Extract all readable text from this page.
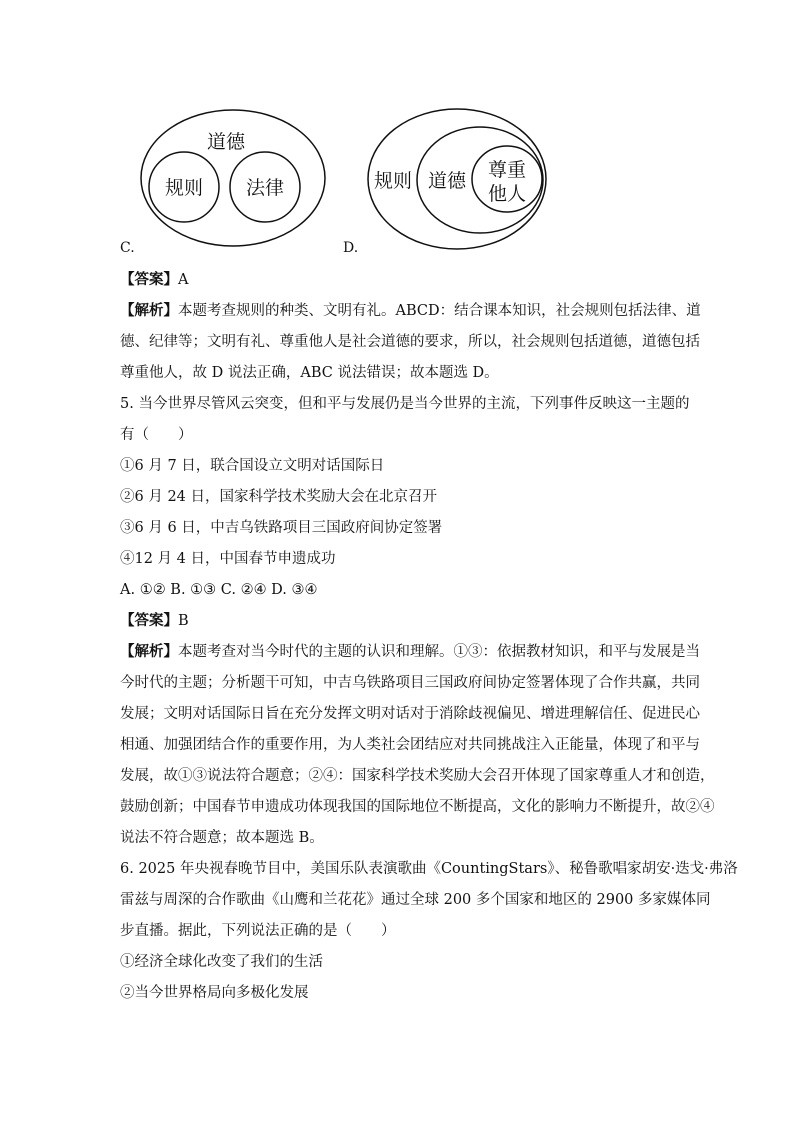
道德
规则 法律
C.
规则 道德 尊重
他人
D.
【答案】A
【解析】本题考查规则的种类、文明有礼。ABCD：结合课本知识，社会规则包括法律、道
德、纪律等；文明有礼、尊重他人是社会道德的要求，所以，社会规则包括道德，道德包括
尊重他人，故 D 说法正确，ABC 说法错误；故本题选 D。
5. 当今世界尽管风云突变，但和平与发展仍是当今世界的主流，下列事件反映这一主题的
有（　　）
①6 月 7 日，联合国设立文明对话国际日
②6 月 24 日，国家科学技术奖励大会在北京召开
③6 月 6 日，中吉乌铁路项目三国政府间协定签署
④12 月 4 日，中国春节申遗成功
A. ①② B. ①③ C. ②④ D. ③④
【答案】B
【解析】本题考查对当今时代的主题的认识和理解。①③：依据教材知识，和平与发展是当
今时代的主题；分析题干可知，中吉乌铁路项目三国政府间协定签署体现了合作共赢，共同
发展；文明对话国际日旨在充分发挥文明对话对于消除歧视偏见、增进理解信任、促进民心
相通、加强团结合作的重要作用，为人类社会团结应对共同挑战注入正能量，体现了和平与
发展，故①③说法符合题意；②④：国家科学技术奖励大会召开体现了国家尊重人才和创造，
鼓励创新；中国春节申遗成功体现我国的国际地位不断提高，文化的影响力不断提升，故②④
说法不符合题意；故本题选 B。
6. 2025 年央视春晚节目中，美国乐队表演歌曲《CountingStars》、秘鲁歌唱家胡安·迭戈·弗洛
雷兹与周深的合作歌曲《山鹰和兰花花》通过全球 200 多个国家和地区的 2900 多家媒体同
步直播。据此，下列说法正确的是（　　）
①经济全球化改变了我们的生活
②当今世界格局向多极化发展
